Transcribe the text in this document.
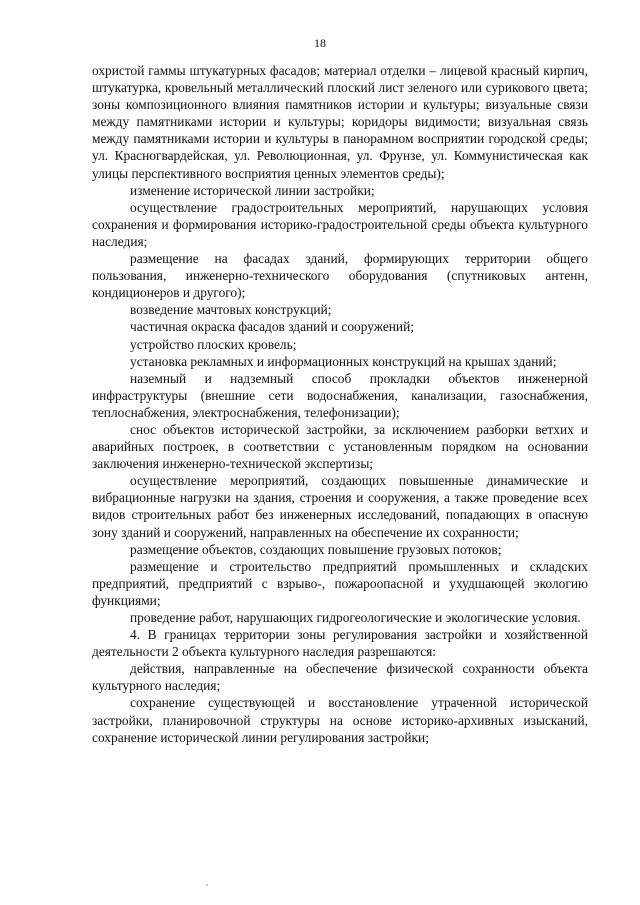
18

охристой гаммы штукатурных фасадов; материал отделки – лицевой красный кирпич, штукатурка, кровельный металлический плоский лист зеленого или сурикового цвета; зоны композиционного влияния памятников истории и культуры; визуальные связи между памятниками истории и культуры; коридоры видимости; визуальная связь между памятниками истории и культуры в панорамном восприятии городской среды; ул. Красногвардейская, ул. Революционная, ул. Фрунзе, ул. Коммунистическая как улицы перспективного восприятия ценных элементов среды);

изменение исторической линии застройки;

осуществление градостроительных мероприятий, нарушающих условия сохранения и формирования историко-градостроительной среды объекта культурного наследия;

размещение на фасадах зданий, формирующих территории общего пользования, инженерно-технического оборудования (спутниковых антенн, кондиционеров и другого);

возведение мачтовых конструкций;

частичная окраска фасадов зданий и сооружений;

устройство плоских кровель;

установка рекламных и информационных конструкций на крышах зданий;

наземный и надземный способ прокладки объектов инженерной инфраструктуры (внешние сети водоснабжения, канализации, газоснабжения, теплоснабжения, электроснабжения, телефонизации);

снос объектов исторической застройки, за исключением разборки ветхих и аварийных построек, в соответствии с установленным порядком на основании заключения инженерно-технической экспертизы;

осуществление мероприятий, создающих повышенные динамические и вибрационные нагрузки на здания, строения и сооружения, а также проведение всех видов строительных работ без инженерных исследований, попадающих в опасную зону зданий и сооружений, направленных на обеспечение их сохранности;

размещение объектов, создающих повышение грузовых потоков;

размещение и строительство предприятий промышленных и складских предприятий, предприятий с взрыво-, пожароопасной и ухудшающей экологию функциями;

проведение работ, нарушающих гидрогеологические и экологические условия.

4. В границах территории зоны регулирования застройки и хозяйственной деятельности 2 объекта культурного наследия разрешаются:

действия, направленные на обеспечение физической сохранности объекта культурного наследия;

сохранение существующей и восстановление утраченной исторической застройки, планировочной структуры на основе историко-архивных изысканий, сохранение исторической линии регулирования застройки;
